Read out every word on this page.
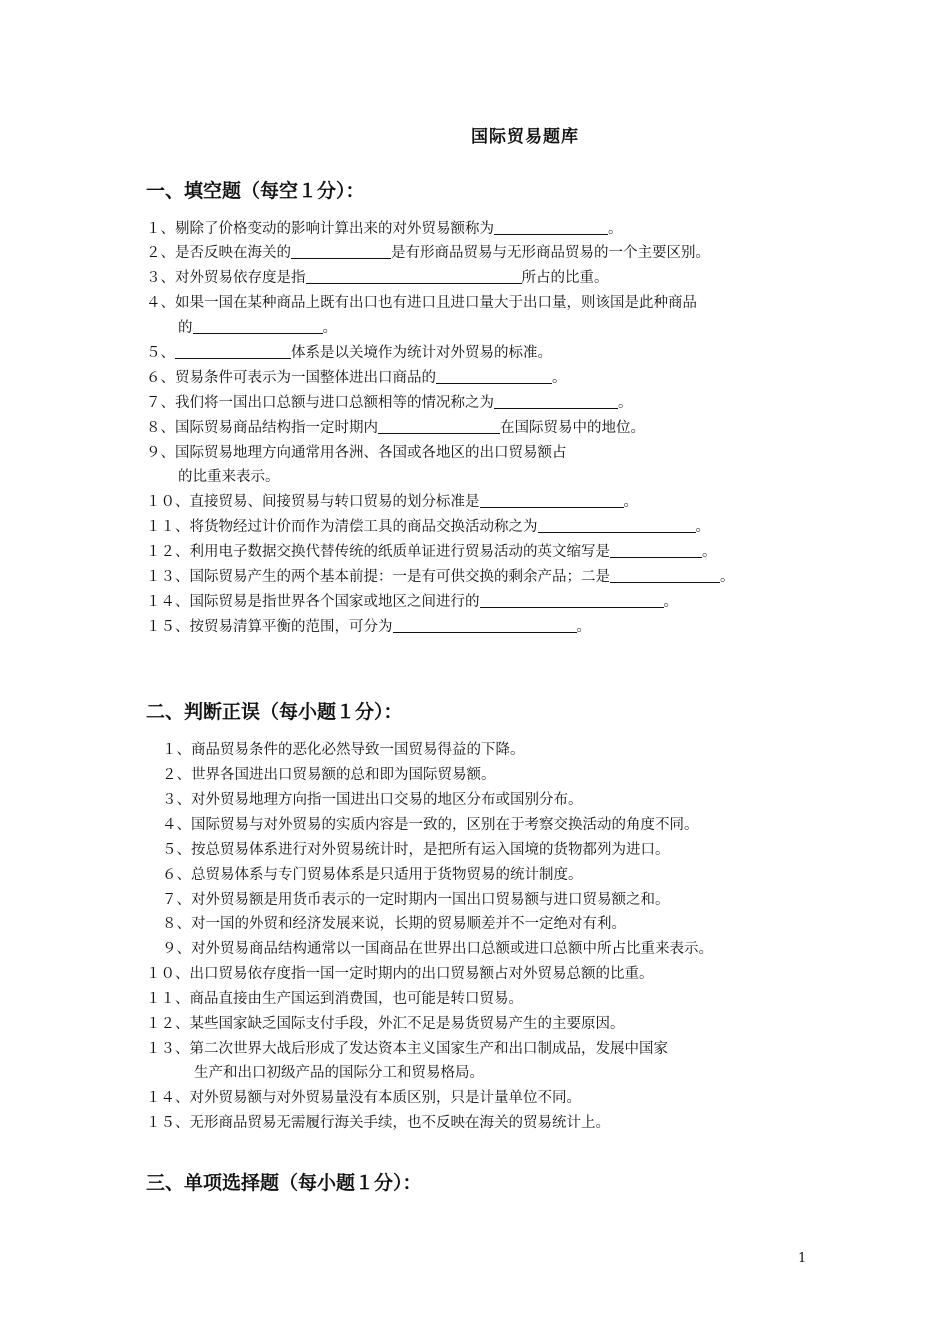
国际贸易题库
一、填空题（每空１分）：
１、剔除了价格变动的影响计算出来的对外贸易额称为	。
２、是否反映在海关的	是有形商品贸易与无形商品贸易的一个主要区别。
３、对外贸易依存度是指	所占的比重。
４、如果一国在某种商品上既有出口也有进口且进口量大于出口量，则该国是此种商品
的	。
５、	体系是以关境作为统计对外贸易的标准。
６、贸易条件可表示为一国整体进出口商品的	。
７、我们将一国出口总额与进口总额相等的情况称之为	。
８、国际贸易商品结构指一定时期内	在国际贸易中的地位。
９、国际贸易地理方向通常用各洲、各国或各地区的出口贸易额占
的比重来表示。
１０、直接贸易、间接贸易与转口贸易的划分标准是	。
１１、将货物经过计价而作为清偿工具的商品交换活动称之为	。
１２、利用电子数据交换代替传统的纸质单证进行贸易活动的英文缩写是	。
１３、国际贸易产生的两个基本前提：一是有可供交换的剩余产品；二是	。
１４、国际贸易是指世界各个国家或地区之间进行的	。
１５、按贸易清算平衡的范围，可分为	。
二、判断正误（每小题１分）：
１、商品贸易条件的恶化必然导致一国贸易得益的下降。
２、世界各国进出口贸易额的总和即为国际贸易额。
３、对外贸易地理方向指一国进出口交易的地区分布或国别分布。
４、国际贸易与对外贸易的实质内容是一致的，区别在于考察交换活动的角度不同。
５、按总贸易体系进行对外贸易统计时，是把所有运入国境的货物都列为进口。
６、总贸易体系与专门贸易体系是只适用于货物贸易的统计制度。
７、对外贸易额是用货币表示的一定时期内一国出口贸易额与进口贸易额之和。
８、对一国的外贸和经济发展来说，长期的贸易顺差并不一定绝对有利。
９、对外贸易商品结构通常以一国商品在世界出口总额或进口总额中所占比重来表示。
１０、出口贸易依存度指一国一定时期内的出口贸易额占对外贸易总额的比重。
１１、商品直接由生产国运到消费国，也可能是转口贸易。
１２、某些国家缺乏国际支付手段，外汇不足是易货贸易产生的主要原因。
１３、第二次世界大战后形成了发达资本主义国家生产和出口制成品，发展中国家
生产和出口初级产品的国际分工和贸易格局。
１４、对外贸易额与对外贸易量没有本质区别，只是计量单位不同。
１５、无形商品贸易无需履行海关手续，也不反映在海关的贸易统计上。
三、单项选择题（每小题１分）：
1
